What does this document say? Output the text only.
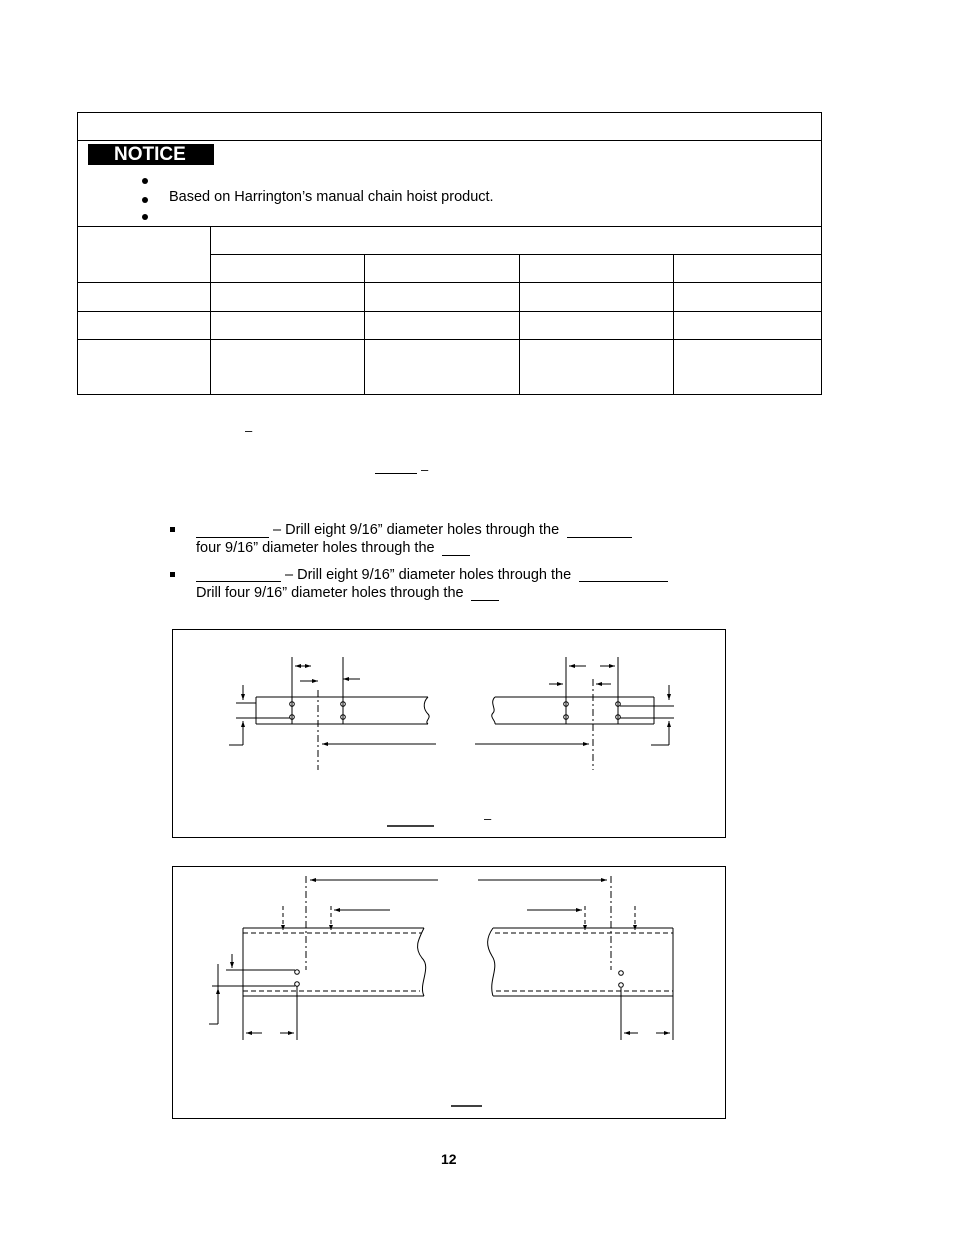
NOTICE
Based on Harrington’s manual chain hoist product.
–
–
– Drill eight 9/16” diameter holes through the
four 9/16” diameter holes through the
– Drill eight 9/16” diameter holes through the
Drill four 9/16” diameter holes through the
–
12
